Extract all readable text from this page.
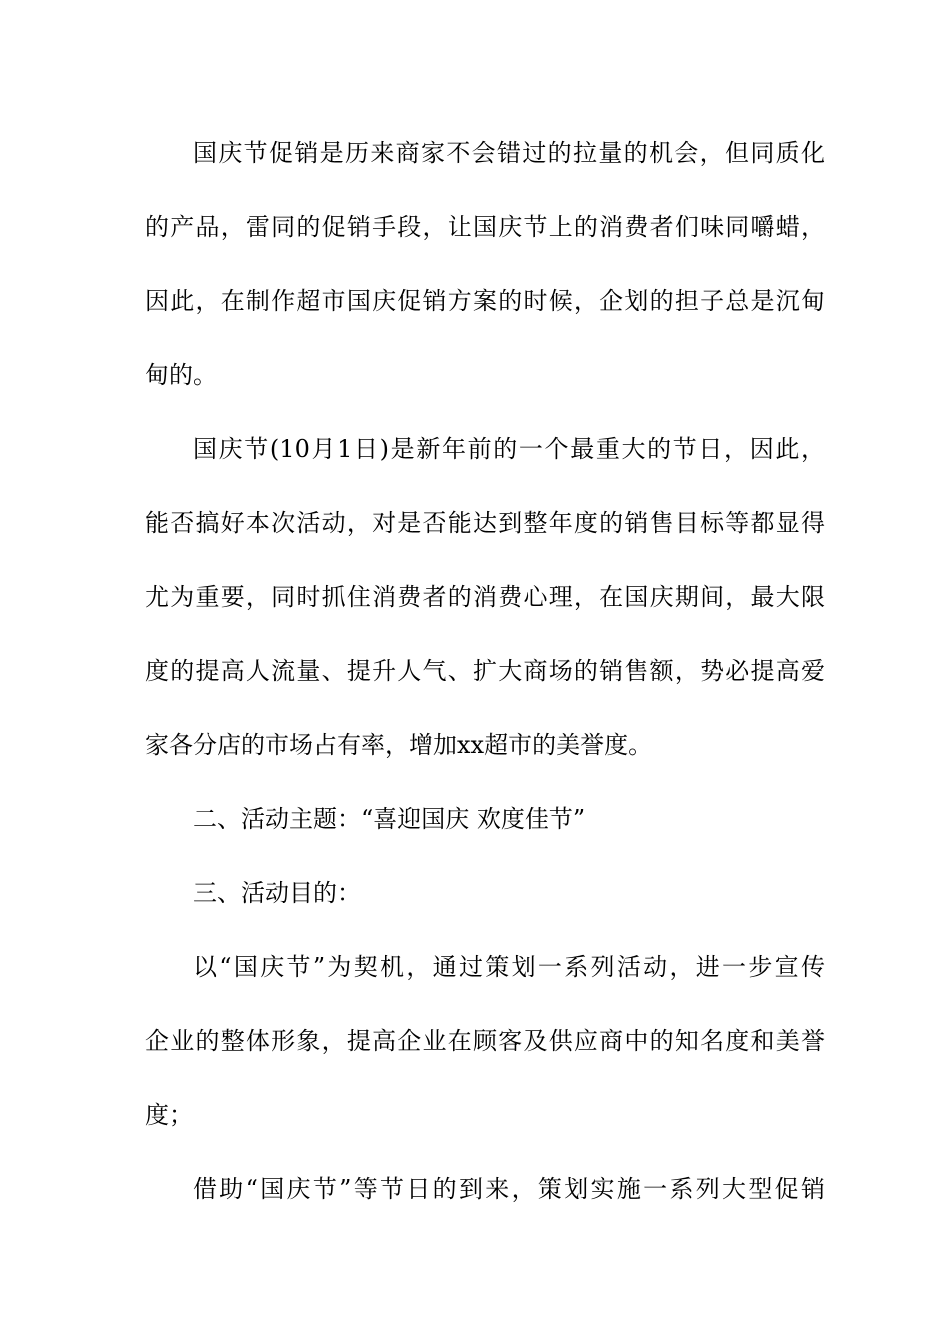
国庆节促销是历来商家不会错过的拉量的机会，但同质化
的产品，雷同的促销手段，让国庆节上的消费者们味同嚼蜡，
因此，在制作超市国庆促销方案的时候，企划的担子总是沉甸
甸的。
国庆节(10月1日)是新年前的一个最重大的节日，因此，
能否搞好本次活动，对是否能达到整年度的销售目标等都显得
尤为重要，同时抓住消费者的消费心理，在国庆期间，最大限
度的提高人流量、提升人气、扩大商场的销售额，势必提高爱
家各分店的市场占有率，增加xx超市的美誉度。
二、活动主题：“喜迎国庆 欢度佳节”
三、活动目的：
以“国庆节”为契机，通过策划一系列活动，进一步宣传
企业的整体形象，提高企业在顾客及供应商中的知名度和美誉
度；
借助“国庆节”等节日的到来，策划实施一系列大型促销
